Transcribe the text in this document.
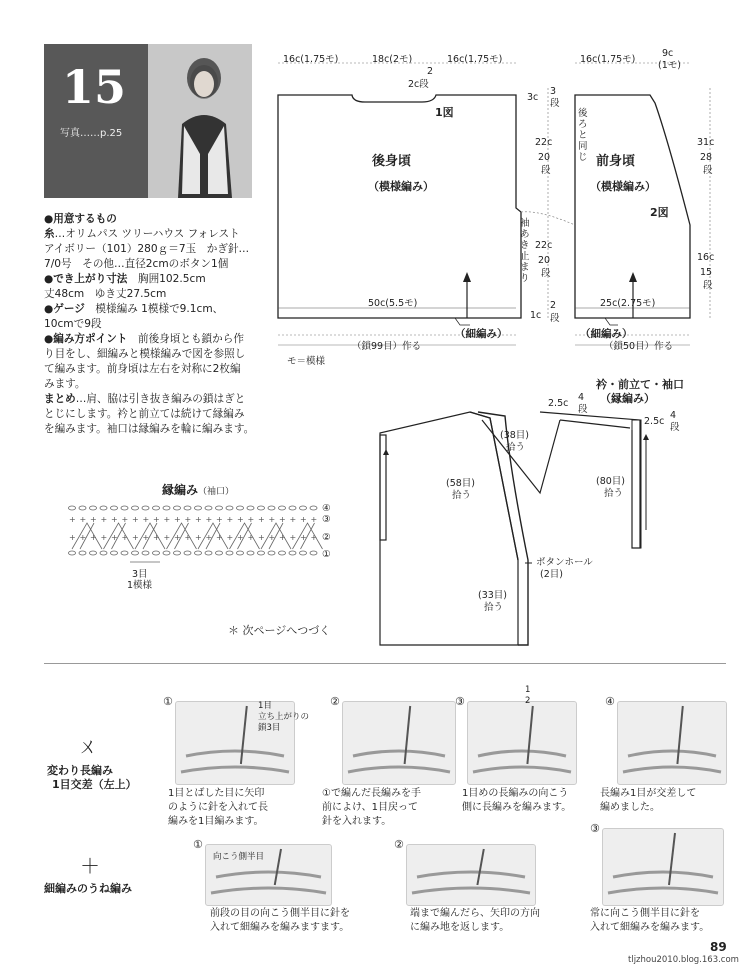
15
写真……p.25
●用意するもの
糸…オリムパス ツリーハウス フォレスト
アイボリー（101）280ｇ＝7玉　かぎ針…
7/0号　その他…直径2cmのボタン1個
●でき上がり寸法　胸囲102.5cm
丈48cm　ゆき丈27.5cm
●ゲージ　模様編み 1模様で9.1cm、
10cmで9段
●編み方ポイント　前後身頃とも鎖から作
り目をし、細編みと模様編みで図を参照し
て編みます。前身頃は左右を対称に2枚編
みます。
まとめ…肩、脇は引き抜き編みの鎖はぎと
とじにします。衿と前立ては続けて縁編み
を編みます。袖口は縁編みを輪に編みます。
16c(1.75モ)	18c(2モ)	16c(1.75モ)
2
2c段
1図
後身頃
（模様編み）
50c(5.5モ)
（細編み）
（鎖99目）作る
モ＝模様
3c
3
段
22c
20
段
袖あき止まり
22c
20
段
1c
2
段
16c(1.75モ)
9c
(1モ)
後ろと同じ 前身頃
（模様編み）
2図
31c
28
段
16c
15
段
25c(2.75モ)
（細編み）
（鎖50目）作る
衿・前立て・袖口
（縁編み）
2.5c
4
段
2.5c
4
段
(38目)
拾う
(58目)
拾う
(80目)
拾う
ボタンホール
(2目)
(33目)
拾う
縁編み（袖口）
+
+
+
+
+
+
+
+
+
+
+
+
+
+
+
+
+
+
+
+
+
+
+
+
+
+
+
+
+
+
+
+
+
+
+
+
+
+
+
+
+
+
+
+
+
+
+
+
④
③
②
①
3目
1模様
＊ 次ページへつづく
ㄨ
変わり長編み
1目交差（左上）
①	1目
立ち上がりの
鎖3目
1目とばした目に矢印
のように針を入れて長
編みを1目編みます。
②
①で編んだ長編みを手
前によけ、1目戻って
針を入れます。
③
1
2
1目めの長編みの向こう
側に長編みを編みます。
④
長編み1目が交差して
編めました。
＋
細編みのうね編み
①
向こう側半目
前段の目の向こう側半目に針を
入れて細編みを編みますます。
②
端まで編んだら、矢印の方向
に編み地を返します。
③
常に向こう側半目に針を
入れて細編みを編みます。
89
tljzhou2010.blog.163.com
